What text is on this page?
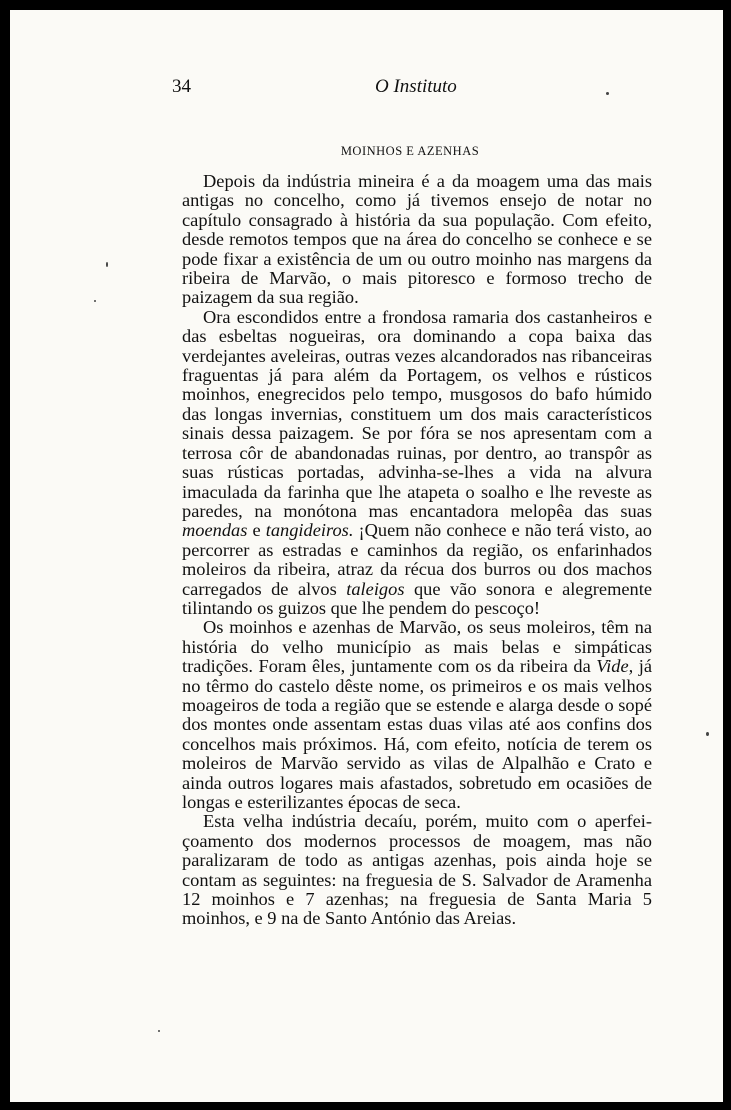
34	O Instituto
MOINHOS E AZENHAS

Depois da indústria mineira é a da moagem uma das mais antigas no concelho, como já tivemos ensejo de notar no capítulo consagrado à história da sua população. Com efeito, desde remotos tempos que na área do concelho se conhece e se pode fixar a existência de um ou outro moinho nas margens da ribeira de Marvão, o mais pitoresco e formoso trecho de paizagem da sua região.

Ora escondidos entre a frondosa ramaria dos castanheiros e das esbeltas nogueiras, ora dominando a copa baixa das verdejantes aveleiras, outras vezes alcandorados nas ribanceiras fraguentas já para além da Portagem, os velhos e rústicos moinhos, enegrecidos pelo tempo, musgosos do bafo húmido das longas invernias, constituem um dos mais característicos sinais dessa paizagem. Se por fóra se nos apresentam com a terrosa côr de abandonadas ruinas, por dentro, ao transpôr as suas rústicas portadas, advinha-se-lhes a vida na alvura imaculada da farinha que lhe atapeta o soalho e lhe reveste as paredes, na monótona mas encantadora melopêa das suas moendas e tangideiros. ¡Quem não conhece e não terá visto, ao percorrer as estradas e caminhos da região, os enfarinhados moleiros da ribeira, atraz da récua dos burros ou dos machos carregados de alvos taleigos que vão sonora e alegremente tilintando os guizos que lhe pendem do pescoço!

Os moinhos e azenhas de Marvão, os seus moleiros, têm na história do velho município as mais belas e simpáticas tradições. Foram êles, juntamente com os da ribeira da Vide, já no têrmo do castelo dêste nome, os primeiros e os mais velhos moageiros de toda a região que se estende e alarga desde o sopé dos montes onde assentam estas duas vilas até aos confins dos concelhos mais próximos. Há, com efeito, notícia de terem os moleiros de Marvão servido as vilas de Alpalhão e Crato e ainda outros logares mais afastados, sobretudo em ocasiões de longas e esterilizantes épocas de seca.

Esta velha indústria decaíu, porém, muito com o aperfeiçoamento dos modernos processos de moagem, mas não paralizaram de todo as antigas azenhas, pois ainda hoje se contam as seguintes: na freguesia de S. Salvador de Aramenha 12 moinhos e 7 azenhas; na freguesia de Santa Maria 5 moinhos, e 9 na de Santo António das Areias.
